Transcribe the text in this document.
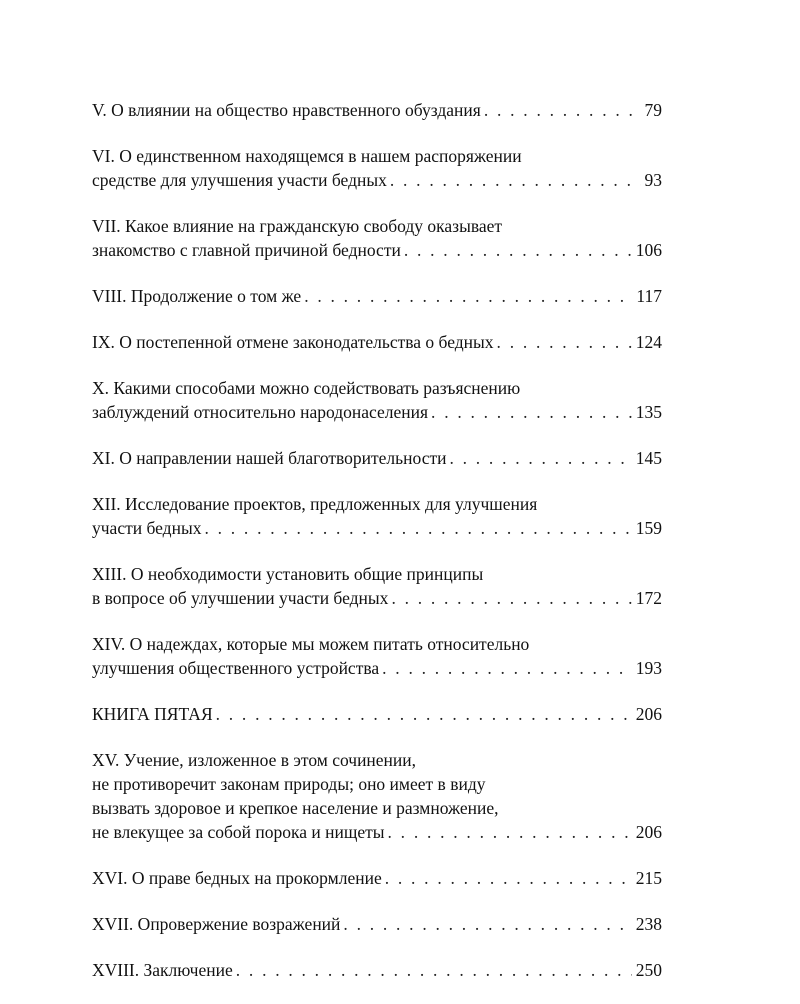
V. О влиянии на общество нравственного обуздания . . .	79
VI. О единственном находящемся в нашем распоряжении
средстве для улучшения участи бедных . . .	93
VII. Какое влияние на гражданскую свободу оказывает
знакомство с главной причиной бедности . . .	106
VIII. Продолжение о том же . . .	117
IX. О постепенной отмене законодательства о бедных . . .	124
X. Какими способами можно содействовать разъяснению
заблуждений относительно народонаселения . . .	135
XI. О направлении нашей благотворительности . . .	145
XII. Исследование проектов, предложенных для улучшения
участи бедных . . .	159
XIII. О необходимости установить общие принципы
в вопросе об улучшении участи бедных . . .	172
XIV. О надеждах, которые мы можем питать относительно
улучшения общественного устройства . . .	193
КНИГА ПЯТАЯ . . .	206
XV. Учение, изложенное в этом сочинении,
не противоречит законам природы; оно имеет в виду
вызвать здоровое и крепкое население и размножение,
не влекущее за собой порока и нищеты . . .	206
XVI. О праве бедных на прокормление . . .	215
XVII. Опровержение возражений . . .	238
XVIII. Заключение . . .	250
